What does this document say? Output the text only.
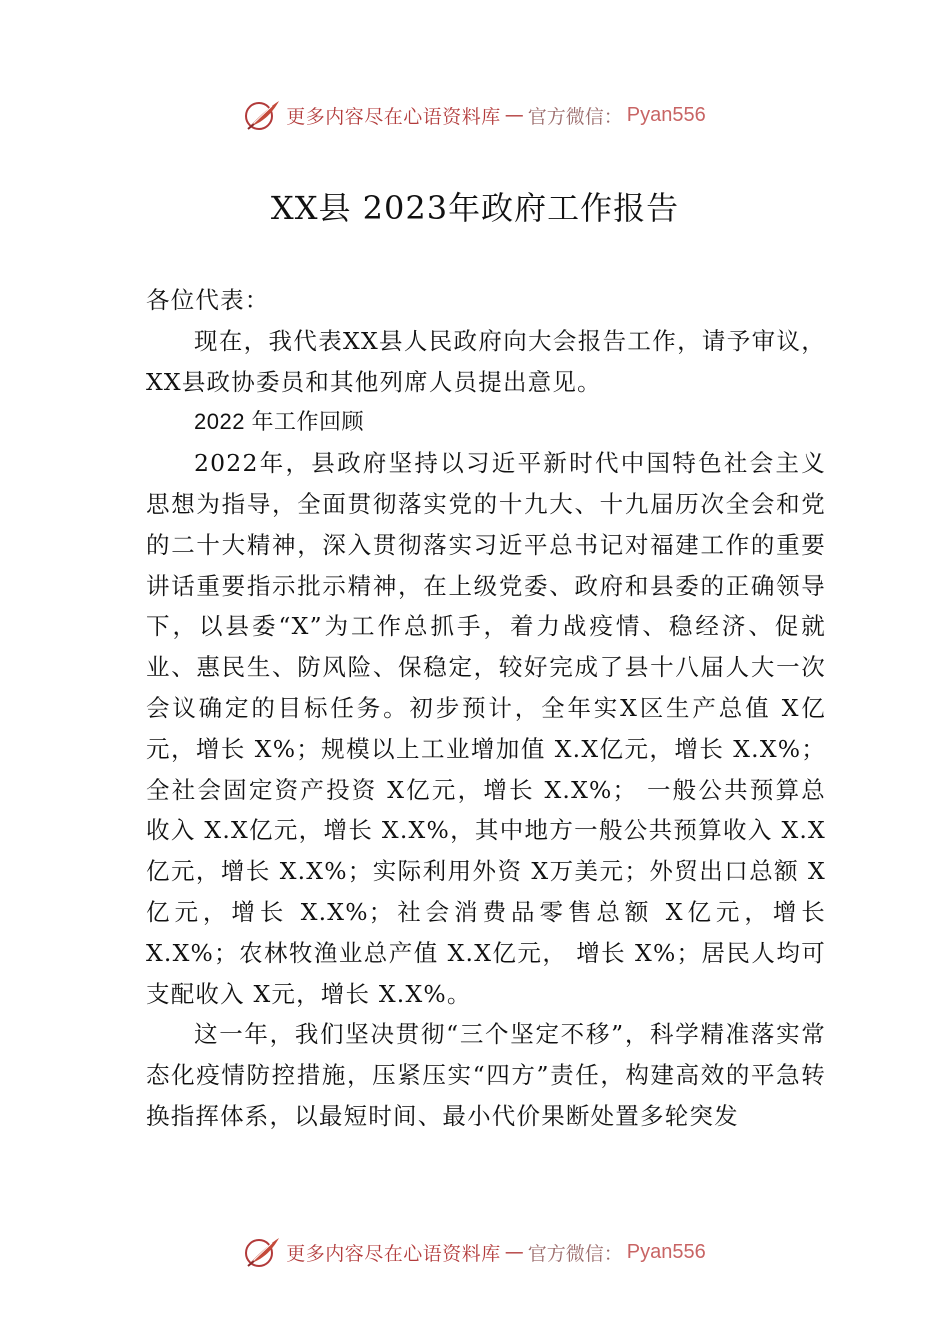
更多内容尽在心语资料库 — 官方微信： Pyan556
XX县 2023年政府工作报告

各位代表：

现在，我代表XX县人民政府向大会报告工作，请予审议，XX县政协委员和其他列席人员提出意见。

2022 年工作回顾

2022年，县政府坚持以习近平新时代中国特色社会主义思想为指导，全面贯彻落实党的十九大、十九届历次全会和党的二十大精神，深入贯彻落实习近平总书记对福建工作的重要讲话重要指示批示精神，在上级党委、政府和县委的正确领导下，以县委“X”为工作总抓手，着力战疫情、稳经济、促就业、惠民生、防风险、保稳定，较好完成了县十八届人大一次会议确定的目标任务。初步预计，全年实X区生产总值 X亿元，增长 X%；规模以上工业增加值 X.X亿元，增长 X.X%；全社会固定资产投资 X亿元，增长 X.X%； 一般公共预算总收入 X.X亿元，增长 X.X%，其中地方一般公共预算收入 X.X亿元，增长 X.X%；实际利用外资 X万美元；外贸出口总额 X亿元，增长 X.X%；社会消费品零售总额 X亿元，增长 X.X%；农林牧渔业总产值 X.X亿元， 增长 X%；居民人均可支配收入 X元，增长 X.X%。

这一年，我们坚决贯彻“三个坚定不移”，科学精准落实常态化疫情防控措施，压紧压实“四方”责任，构建高效的平急转换指挥体系，以最短时间、最小代价果断处置多轮突发

更多内容尽在心语资料库 — 官方微信： Pyan556
